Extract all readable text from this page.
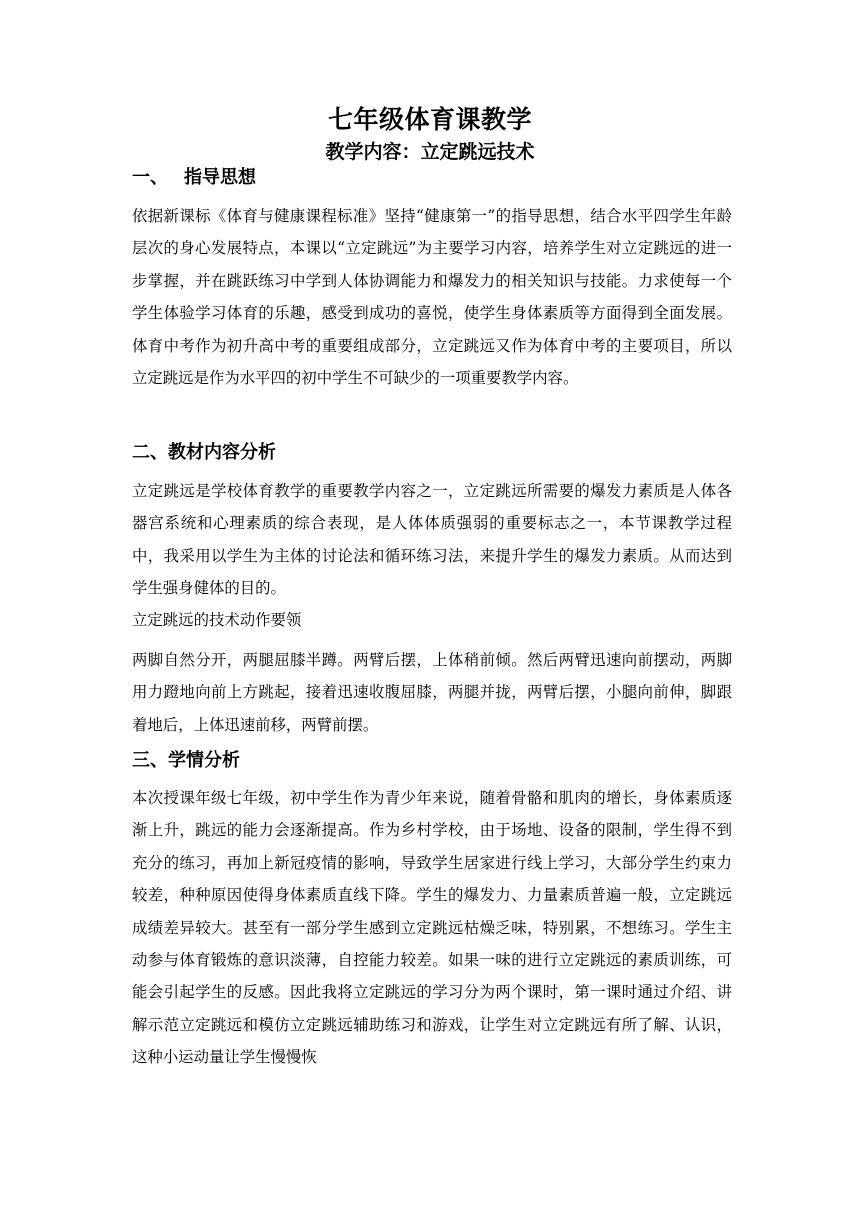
七年级体育课教学
教学内容：立定跳远技术
一、 指导思想
依据新课标《体育与健康课程标准》坚持“健康第一”的指导思想，结合水平四学生年龄层次的身心发展特点，本课以“立定跳远”为主要学习内容，培养学生对立定跳远的进一步掌握，并在跳跃练习中学到人体协调能力和爆发力的相关知识与技能。力求使每一个学生体验学习体育的乐趣，感受到成功的喜悦，使学生身体素质等方面得到全面发展。体育中考作为初升高中考的重要组成部分，立定跳远又作为体育中考的主要项目，所以立定跳远是作为水平四的初中学生不可缺少的一项重要教学内容。
二、教材内容分析
立定跳远是学校体育教学的重要教学内容之一，立定跳远所需要的爆发力素质是人体各器宫系统和心理素质的综合表现，是人体体质强弱的重要标志之一，本节课教学过程中，我采用以学生为主体的讨论法和循环练习法，来提升学生的爆发力素质。从而达到学生强身健体的目的。
立定跳远的技术动作要领
两脚自然分开，两腿屈膝半蹲。两臂后摆，上体稍前倾。然后两臂迅速向前摆动，两脚用力蹬地向前上方跳起，接着迅速收腹屈膝，两腿并拢，两臂后摆，小腿向前伸，脚跟着地后，上体迅速前移，两臂前摆。
三、学情分析
本次授课年级七年级，初中学生作为青少年来说，随着骨骼和肌肉的增长，身体素质逐渐上升，跳远的能力会逐渐提高。作为乡村学校，由于场地、设备的限制，学生得不到充分的练习，再加上新冠疫情的影响，导致学生居家进行线上学习，大部分学生约束力较差，种种原因使得身体素质直线下降。学生的爆发力、力量素质普遍一般，立定跳远成绩差异较大。甚至有一部分学生感到立定跳远枯燥乏味，特别累，不想练习。学生主动参与体育锻炼的意识淡薄，自控能力较差。如果一味的进行立定跳远的素质训练，可能会引起学生的反感。因此我将立定跳远的学习分为两个课时，第一课时通过介绍、讲解示范立定跳远和模仿立定跳远辅助练习和游戏，让学生对立定跳远有所了解、认识，这种小运动量让学生慢慢恢
